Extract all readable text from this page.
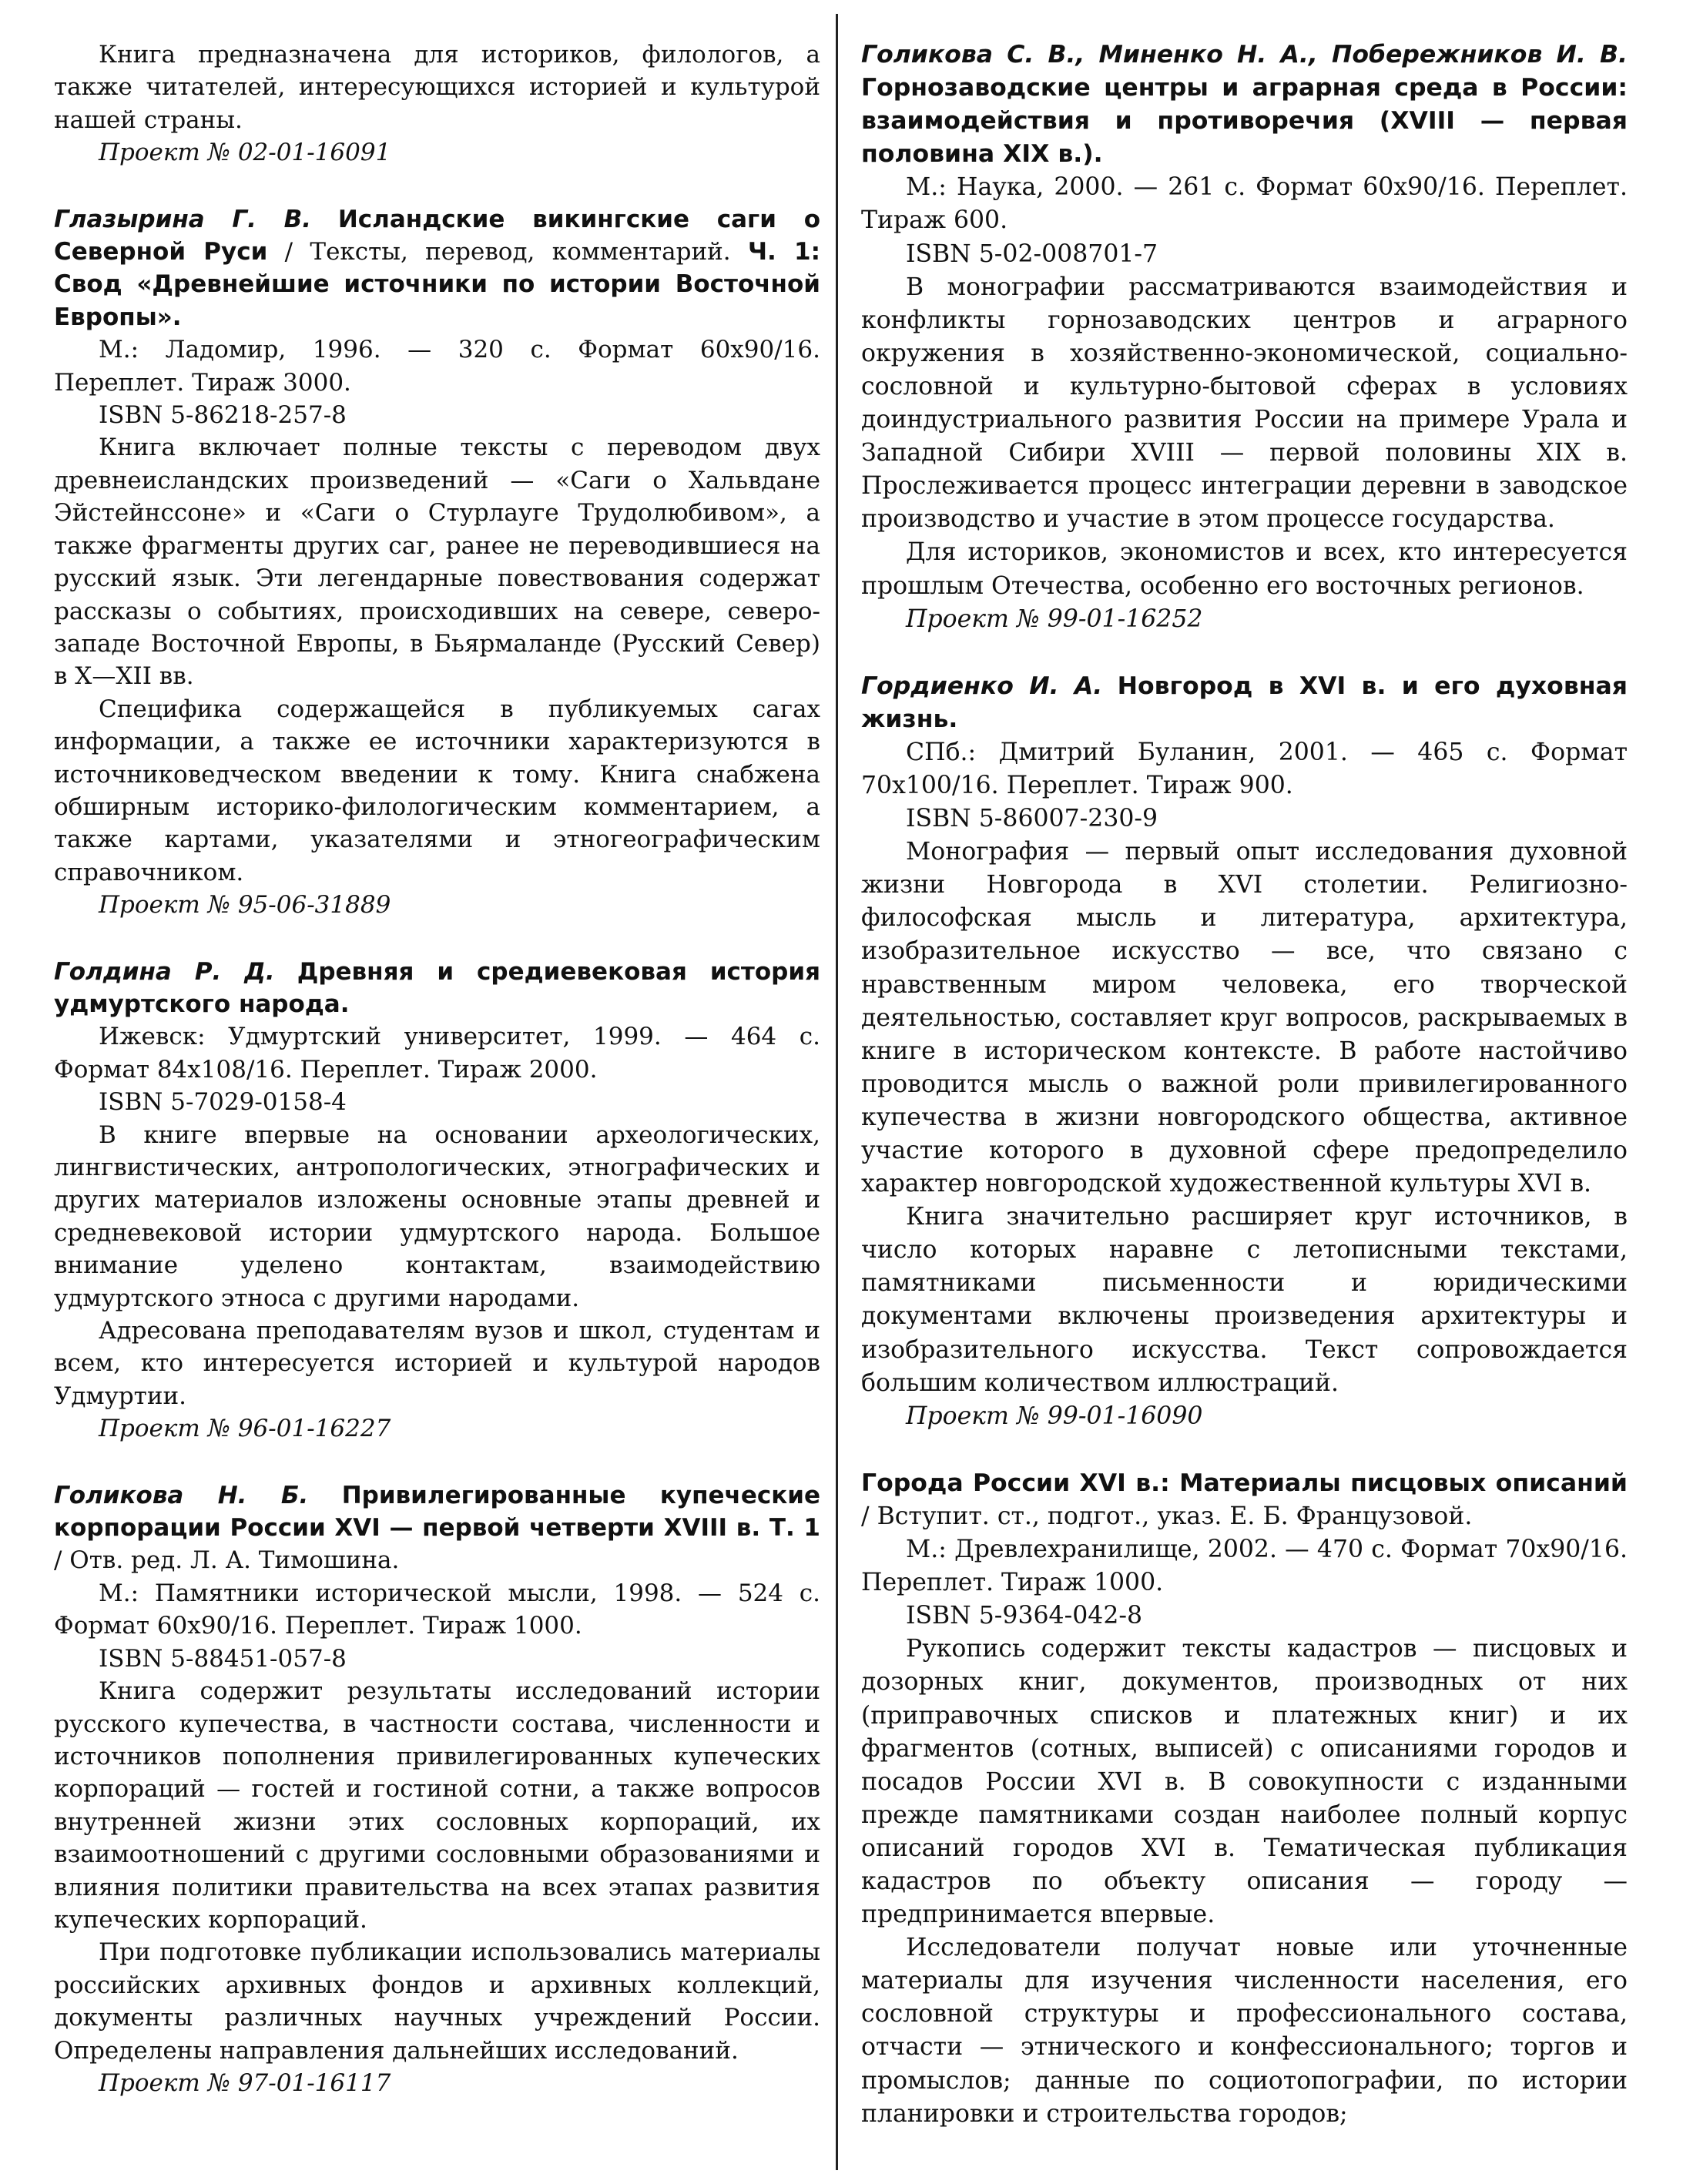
Книга предназначена для историков, филологов, а также читателей, интересующихся историей и культурой нашей страны.

Проект № 02-01-16091

Глазырина Г. В. Исландские викингские саги о Северной Руси / Тексты, перевод, комментарий. Ч. 1: Свод «Древнейшие источники по истории Восточной Европы».

М.: Ладомир, 1996. — 320 с. Формат 60х90/16. Переплет. Тираж 3000.

ISBN 5-86218-257-8

Книга включает полные тексты с переводом двух древнеисландских произведений — «Саги о Хальвдане Эйстейнссоне» и «Саги о Стурлауге Трудолюбивом», а также фрагменты других саг, ранее не переводившиеся на русский язык. Эти легендарные повествования содержат рассказы о событиях, происходивших на севере, северо-западе Восточной Европы, в Бьярмаланде (Русский Север) в X—XII вв.

Специфика содержащейся в публикуемых сагах информации, а также ее источники характеризуются в источниковедческом введении к тому. Книга снабжена обширным историко-филологическим комментарием, а также картами, указателями и этногеографическим справочником.

Проект № 95-06-31889

Голдина Р. Д. Древняя и средиевековая история удмуртского народа.

Ижевск: Удмуртский университет, 1999. — 464 с. Формат 84х108/16. Переплет. Тираж 2000.

ISBN 5-7029-0158-4

В книге впервые на основании археологических, лингвистических, антропологических, этнографических и других материалов изложены основные этапы древней и средневековой истории удмуртского народа. Большое внимание уделено контактам, взаимодействию удмуртского этноса с другими народами.

Адресована преподавателям вузов и школ, студентам и всем, кто интересуется историей и культурой народов Удмуртии.

Проект № 96-01-16227

Голикова Н. Б. Привилегированные купеческие корпорации России XVI — первой четверти XVIII в. Т. 1 / Отв. ред. Л. А. Тимошина.

М.: Памятники исторической мысли, 1998. — 524 с. Формат 60х90/16. Переплет. Тираж 1000.

ISBN 5-88451-057-8

Книга содержит результаты исследований истории русского купечества, в частности состава, численности и источников пополнения привилегированных купеческих корпораций — гостей и гостиной сотни, а также вопросов внутренней жизни этих сословных корпораций, их взаимоотношений с другими сословными образованиями и влияния политики правительства на всех этапах развития купеческих корпораций.

При подготовке публикации использовались материалы российских архивных фондов и архивных коллекций, документы различных научных учреждений России. Определены направления дальнейших исследований.

Проект № 97-01-16117

Голикова С. В., Миненко Н. А., Побережников И. В. Горнозаводские центры и аграрная среда в России: взаимодействия и противоречия (XVIII — первая половина XIX в.).

М.: Наука, 2000. — 261 с. Формат 60х90/16. Переплет. Тираж 600.

ISBN 5-02-008701-7

В монографии рассматриваются взаимодействия и конфликты горнозаводских центров и аграрного окружения в хозяйственно-экономической, социально-сословной и культурно-бытовой сферах в условиях доиндустриального развития России на примере Урала и Западной Сибири XVIII — первой половины XIX в. Прослеживается процесс интеграции деревни в заводское производство и участие в этом процессе государства.

Для историков, экономистов и всех, кто интересуется прошлым Отечества, особенно его восточных регионов.

Проект № 99-01-16252

Гордиенко И. А. Новгород в XVI в. и его духовная жизнь.

СПб.: Дмитрий Буланин, 2001. — 465 с. Формат 70х100/16. Переплет. Тираж 900.

ISBN 5-86007-230-9

Монография — первый опыт исследования духовной жизни Новгорода в XVI столетии. Религиозно-философская мысль и литература, архитектура, изобразительное искусство — все, что связано с нравственным миром человека, его творческой деятельностью, составляет круг вопросов, раскрываемых в книге в историческом контексте. В работе настойчиво проводится мысль о важной роли привилегированного купечества в жизни новгородского общества, активное участие которого в духовной сфере предопределило характер новгородской художественной культуры XVI в.

Книга значительно расширяет круг источников, в число которых наравне с летописными текстами, памятниками письменности и юридическими документами включены произведения архитектуры и изобразительного искусства. Текст сопровождается большим количеством иллюстраций.

Проект № 99-01-16090

Города России XVI в.: Материалы писцовых описаний / Вступит. ст., подгот., указ. Е. Б. Французовой.

М.: Древлехранилище, 2002. — 470 с. Формат 70х90/16. Переплет. Тираж 1000.

ISBN 5-9364-042-8

Рукопись содержит тексты кадастров — писцовых и дозорных книг, документов, производных от них (приправочных списков и платежных книг) и их фрагментов (сотных, выписей) с описаниями городов и посадов России XVI в. В совокупности с изданными прежде памятниками создан наиболее полный корпус описаний городов XVI в. Тематическая публикация кадастров по объекту описания — городу — предпринимается впервые.

Исследователи получат новые или уточненные материалы для изучения численности населения, его сословной структуры и профессионального состава, отчасти — этнического и конфессионального; торгов и промыслов; данные по социотопографии, по истории планировки и строительства городов;
